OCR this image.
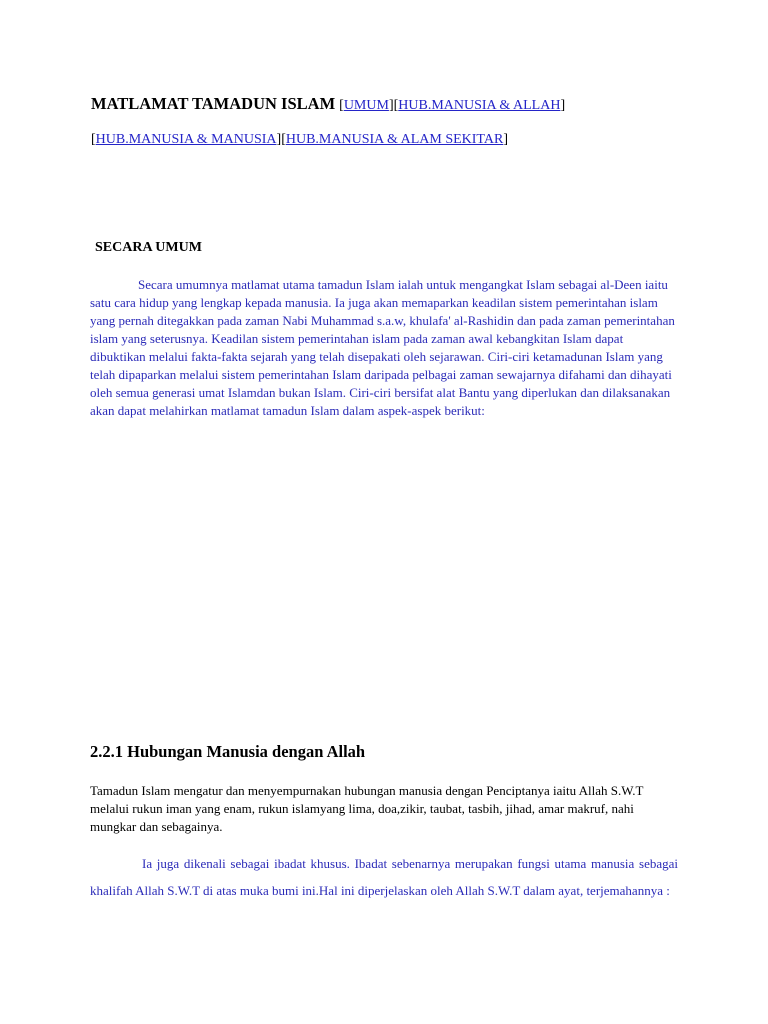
MATLAMAT TAMADUN ISLAM [UMUM][HUB.MANUSIA & ALLAH]
[HUB.MANUSIA & MANUSIA][HUB.MANUSIA & ALAM SEKITAR]
SECARA UMUM
Secara umumnya matlamat utama tamadun Islam ialah untuk mengangkat Islam sebagai al-Deen iaitu satu cara hidup yang lengkap kepada manusia. Ia juga akan memaparkan keadilan sistem pemerintahan islam yang pernah ditegakkan pada zaman Nabi Muhammad s.a.w, khulafa' al-Rashidin dan pada zaman pemerintahan islam yang seterusnya. Keadilan sistem pemerintahan islam pada zaman awal kebangkitan Islam dapat dibuktikan melalui fakta-fakta sejarah yang telah disepakati oleh sejarawan. Ciri-ciri ketamadunan Islam yang telah dipaparkan melalui sistem pemerintahan Islam daripada pelbagai zaman sewajarnya difahami dan dihayati oleh semua generasi umat Islamdan bukan Islam. Ciri-ciri bersifat alat Bantu yang diperlukan dan dilaksanakan akan dapat melahirkan matlamat tamadun Islam dalam aspek-aspek berikut:
2.2.1 Hubungan Manusia dengan Allah
Tamadun Islam mengatur dan menyempurnakan hubungan manusia dengan Penciptanya iaitu Allah S.W.T melalui rukun iman yang enam, rukun islamyang lima, doa,zikir, taubat, tasbih, jihad, amar makruf, nahi mungkar dan sebagainya.
Ia juga dikenali sebagai ibadat khusus. Ibadat sebenarnya merupakan fungsi utama manusia sebagai khalifah Allah S.W.T di atas muka bumi ini.Hal ini diperjelaskan oleh Allah S.W.T dalam ayat, terjemahannya :
